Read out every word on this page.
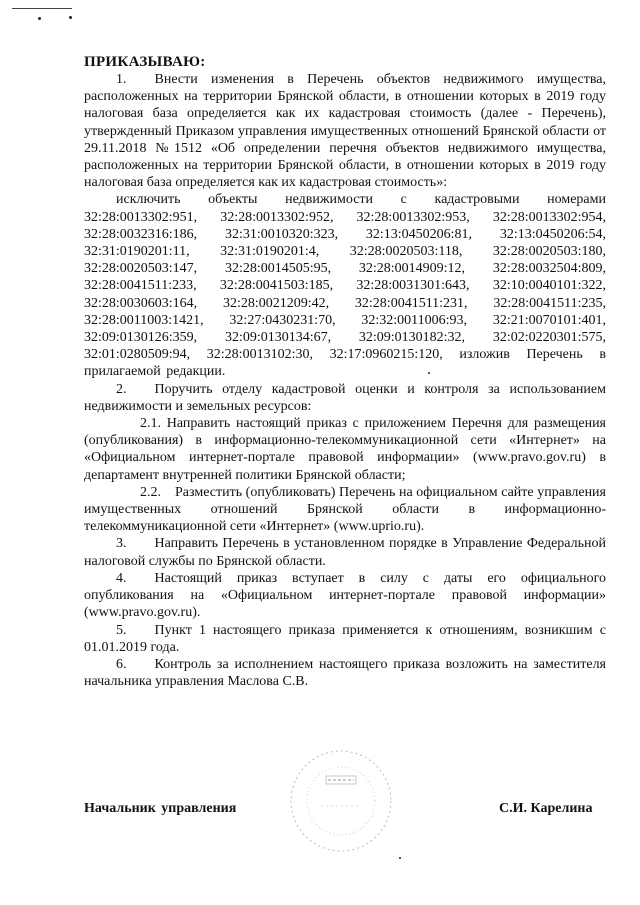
ПРИКАЗЫВАЮ:

1.  Внести изменения в Перечень объектов недвижимого имущества, расположенных на территории Брянской области, в отношении которых в 2019 году налоговая база определяется как их кадастровая стоимость (далее - Перечень), утвержденный Приказом управления имущественных отношений Брянской области от 29.11.2018 №1512 «Об определении перечня объектов недвижимого имущества, расположенных на территории Брянской области, в отношении которых в 2019 году налоговая база определяется как их кадастровая стоимость»:

исключить объекты недвижимости с кадастровыми номерами

32:28:0013302:951, 32:28:0013302:952, 32:28:0013302:953, 32:28:0013302:954, 32:28:0032316:186, 32:31:0010320:323, 32:13:0450206:81, 32:13:0450206:54, 32:31:0190201:11, 32:31:0190201:4, 32:28:0020503:118, 32:28:0020503:180, 32:28:0020503:147, 32:28:0014505:95, 32:28:0014909:12, 32:28:0032504:809, 32:28:0041511:233, 32:28:0041503:185, 32:28:0031301:643, 32:10:0040101:322, 32:28:0030603:164, 32:28:0021209:42, 32:28:0041511:231, 32:28:0041511:235, 32:28:0011003:1421, 32:27:0430231:70, 32:32:0011006:93, 32:21:0070101:401, 32:09:0130126:359, 32:09:0130134:67, 32:09:0130182:32, 32:02:0220301:575, 32:01:0280509:94, 32:28:0013102:30, 32:17:0960215:120, изложив Перечень в прилагаемой редакции.

2.  Поручить отделу кадастровой оценки и контроля за использованием недвижимости и земельных ресурсов:

2.1. Направить настоящий приказ с приложением Перечня для размещения (опубликования) в информационно-телекоммуникационной сети «Интернет» на «Официальном интернет-портале правовой информации» (www.pravo.gov.ru) в департамент внутренней политики Брянской области;

2.2. Разместить (опубликовать) Перечень на официальном сайте управления имущественных отношений Брянской области в информационно-телекоммуникационной сети «Интернет» (www.uprio.ru).

3.  Направить Перечень в установленном порядке в Управление Федеральной налоговой службы по Брянской области.

4.  Настоящий приказ вступает в силу с даты его официального опубликования на «Официальном интернет-портале правовой информации» (www.pravo.gov.ru).

5.  Пункт 1 настоящего приказа применяется к отношениям, возникшим с 01.01.2019 года.

6.  Контроль за исполнением настоящего приказа возложить на заместителя начальника управления Маслова С.В.

Начальник управления	С.И. Карелина
